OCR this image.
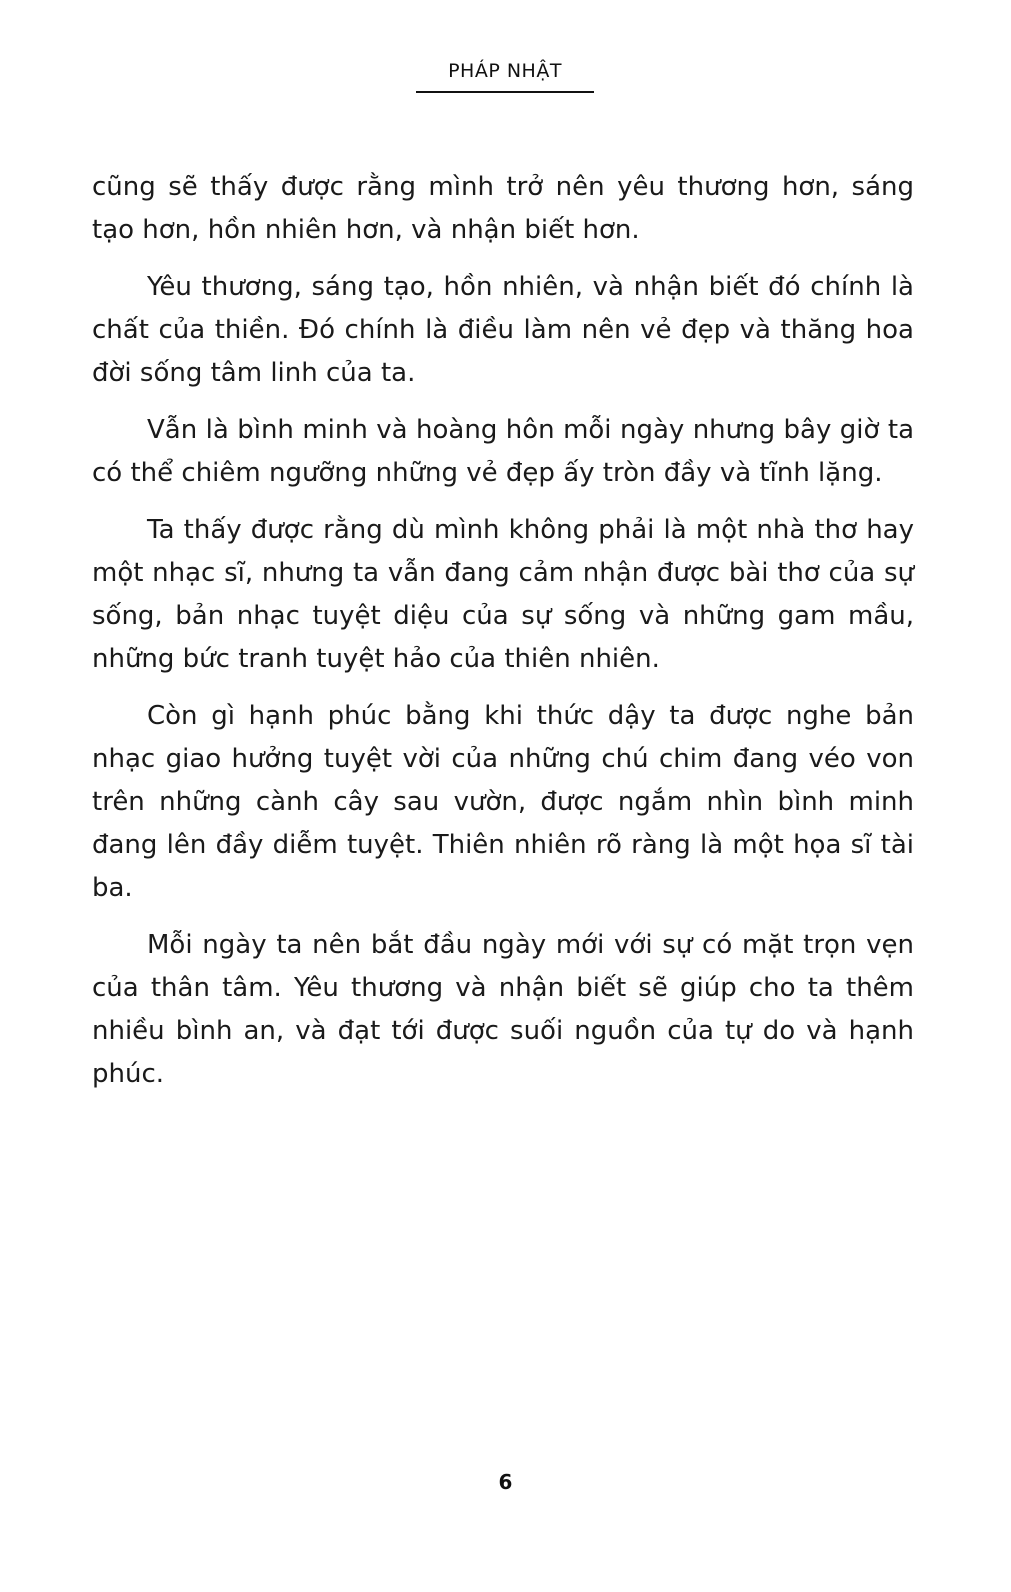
PHÁP NHẬT

cũng sẽ thấy được rằng mình trở nên yêu thương hơn, sáng tạo hơn, hồn nhiên hơn, và nhận biết hơn.

Yêu thương, sáng tạo, hồn nhiên, và nhận biết đó chính là chất của thiền. Đó chính là điều làm nên vẻ đẹp và thăng hoa đời sống tâm linh của ta.

Vẫn là bình minh và hoàng hôn mỗi ngày nhưng bây giờ ta có thể chiêm ngưỡng những vẻ đẹp ấy tròn đầy và tĩnh lặng.

Ta thấy được rằng dù mình không phải là một nhà thơ hay một nhạc sĩ, nhưng ta vẫn đang cảm nhận được bài thơ của sự sống, bản nhạc tuyệt diệu của sự sống và những gam mầu, những bức tranh tuyệt hảo của thiên nhiên.

Còn gì hạnh phúc bằng khi thức dậy ta được nghe bản nhạc giao hưởng tuyệt vời của những chú chim đang véo von trên những cành cây sau vườn, được ngắm nhìn bình minh đang lên đầy diễm tuyệt. Thiên nhiên rõ ràng là một họa sĩ tài ba.

Mỗi ngày ta nên bắt đầu ngày mới với sự có mặt trọn vẹn của thân tâm. Yêu thương và nhận biết sẽ giúp cho ta thêm nhiều bình an, và đạt tới được suối nguồn của tự do và hạnh phúc.

6
